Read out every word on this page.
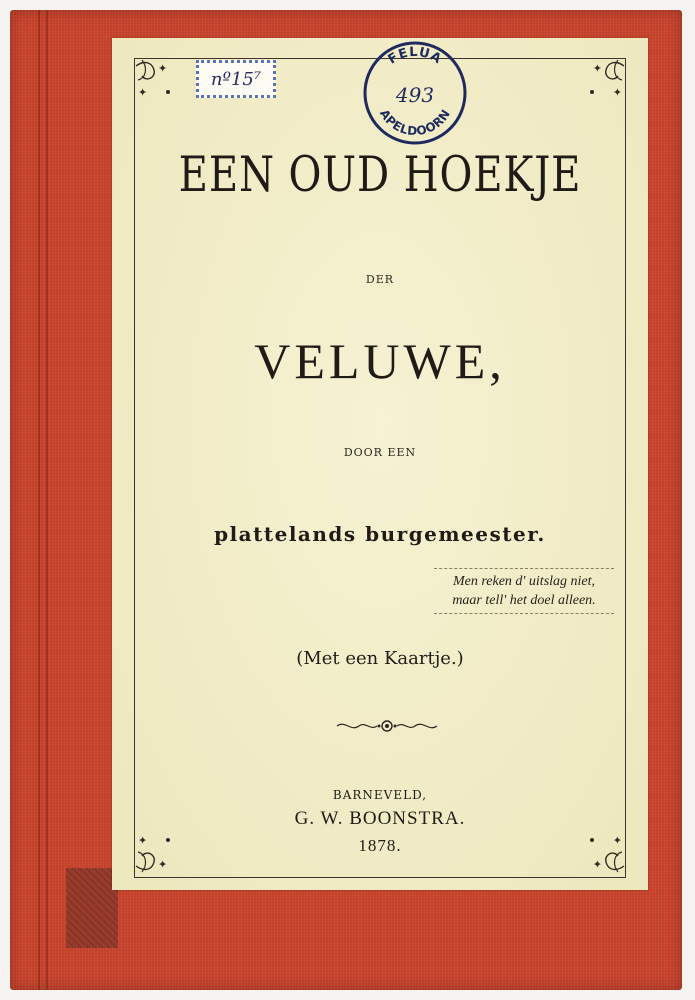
✦
✦
✦
✦
✦
✦
✦
✦
nº15⁷
FELUA
APELDOORN
493
EEN OUD HOEKJE
DER
VELUWE,
DOOR EEN
plattelands burgemeester.
Men reken d' uitslag niet,
maar tell' het doel alleen.
(Met een Kaartje.)
BARNEVELD,
G. W. BOONSTRA.
1878.
